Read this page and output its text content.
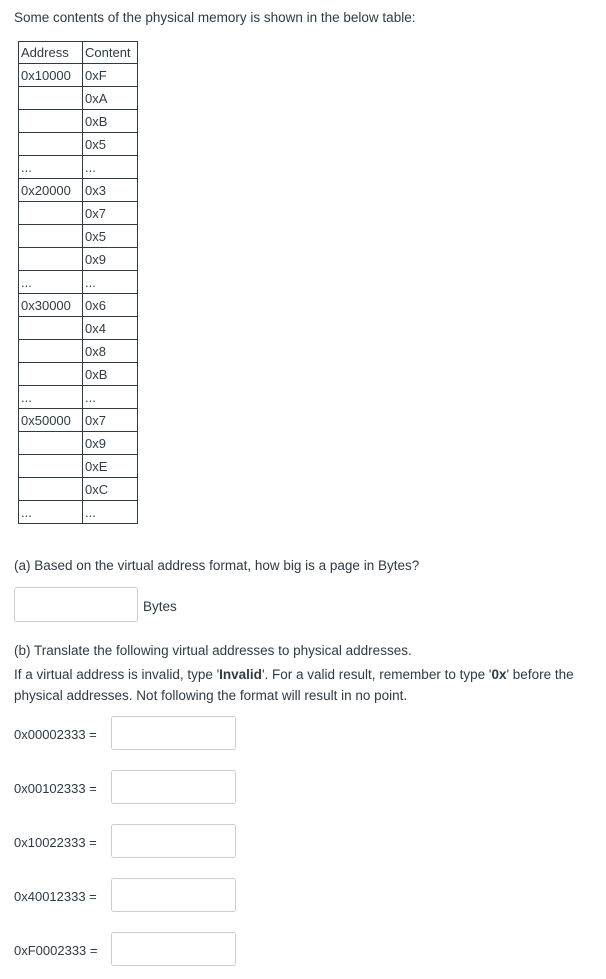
Some contents of the physical memory is shown in the below table:

Address	Content
0x10000	0xF
	0xA
	0xB
	0x5
...	...
0x20000	0x3
	0x7
	0x5
	0x9
...	...
0x30000	0x6
	0x4
	0x8
	0xB
...	...
0x50000	0x7
	0x9
	0xE
	0xC
...	...

(a) Based on the virtual address format, how big is a page in Bytes?

Bytes

(b) Translate the following virtual addresses to physical addresses.

If a virtual address is invalid, type 'Invalid'. For a valid result, remember to type '0x' before the physical addresses. Not following the format will result in no point.

0x00002333 =
0x00102333 =
0x10022333 =
0x40012333 =
0xF0002333 =
